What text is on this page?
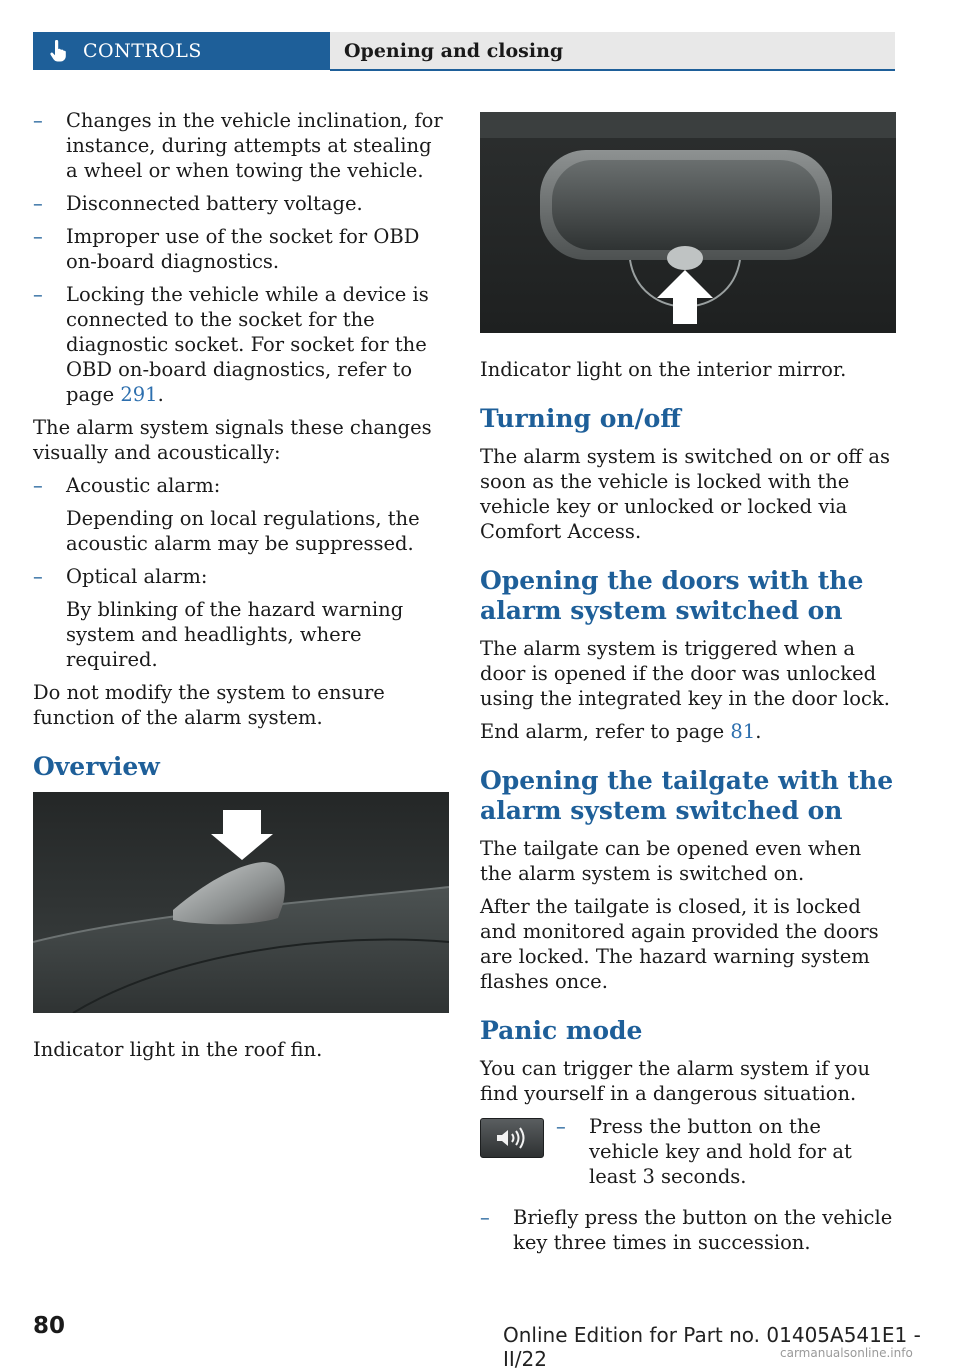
CONTROLS	Opening and closing
– Changes in the vehicle inclination, for instance, during attempts at stealing a wheel or when towing the vehicle.
– Disconnected battery voltage.
– Improper use of the socket for OBD on-board diagnostics.
– Locking the vehicle while a device is connected to the socket for the diagnostic socket. For socket for the OBD on-board diagnostics, refer to page 291.

The alarm system signals these changes visually and acoustically:

– Acoustic alarm:
Depending on local regulations, the acoustic alarm may be suppressed.
– Optical alarm:
By blinking of the hazard warning system and headlights, where required.

Do not modify the system to ensure function of the alarm system.

Overview

Indicator light in the roof fin.

Indicator light on the interior mirror.

Turning on/off

The alarm system is switched on or off as soon as the vehicle is locked with the vehicle key or unlocked or locked via Comfort Access.

Opening the doors with the alarm system switched on

The alarm system is triggered when a door is opened if the door was unlocked using the integrated key in the door lock.

End alarm, refer to page 81.

Opening the tailgate with the alarm system switched on

The tailgate can be opened even when the alarm system is switched on.

After the tailgate is closed, it is locked and monitored again provided the doors are locked. The hazard warning system flashes once.

Panic mode

You can trigger the alarm system if you find yourself in a dangerous situation.

– Press the button on the vehicle key and hold for at least 3 seconds.
– Briefly press the button on the vehicle key three times in succession.
80	Online Edition for Part no. 01405A541E1 - II/22	carmanualsonline.info
